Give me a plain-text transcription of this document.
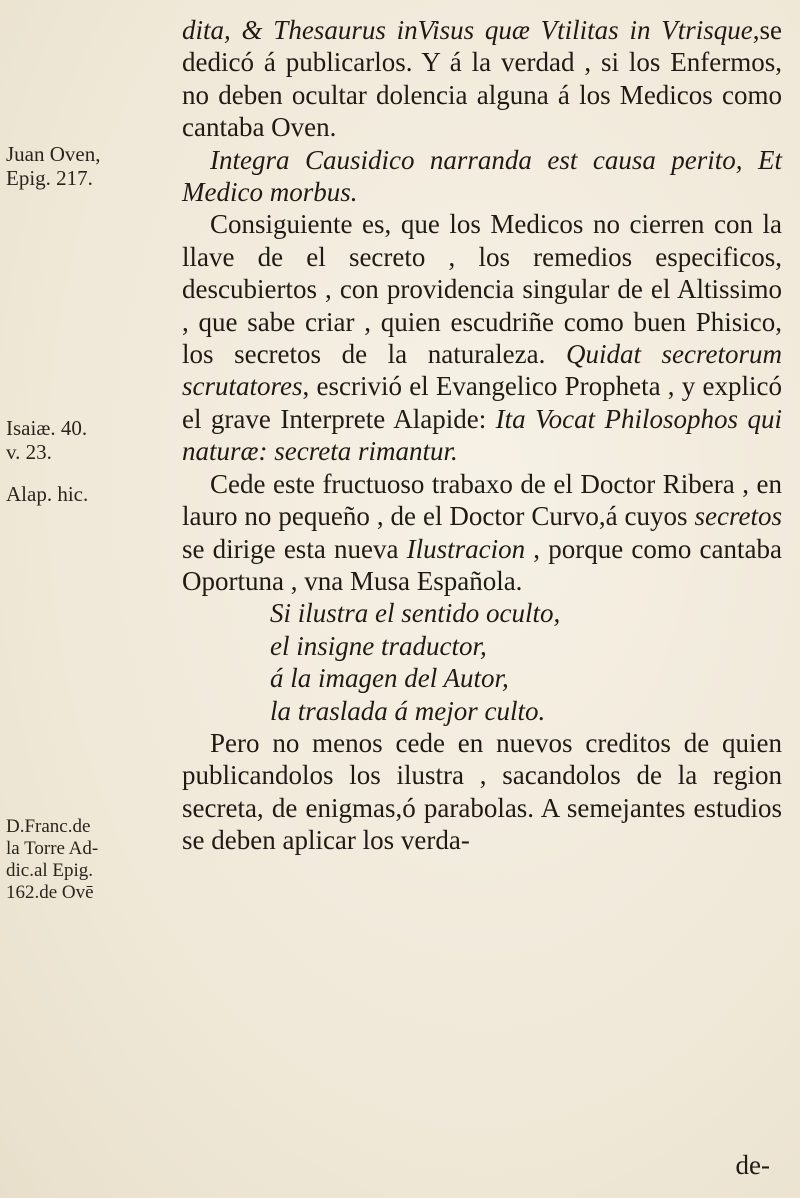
Juan Oven,
Epig. 217.
Isaiæ. 40.
v. 23.
Alap. hic.
D.Franc.de
la Torre Ad-
dic.al Epig.
162.de Ovē

dita, & Thesaurus inVisus quæ Vtilitas in Vtrisque,se dedicó á publicarlos. Y á la verdad , si los Enfermos, no deben ocultar dolencia alguna á los Medicos como cantaba Oven.

Integra Causidico narranda est causa perito, Et Medico morbus.

Consiguiente es, que los Medicos no cierren con la llave de el secreto , los remedios especificos, descubiertos , con providencia singular de el Altissimo , que sabe criar , quien escudriñe como buen Phisico, los secretos de la naturaleza. Quidat secretorum scrutatores, escrivió el Evangelico Propheta , y explicó el grave Interprete Alapide: Ita Vocat Philosophos qui naturæ: secreta rimantur.

Cede este fructuoso trabaxo de el Doctor Ribera , en lauro no pequeño , de el Doctor Curvo,á cuyos secretos se dirige esta nueva Ilustracion , porque como cantaba Oportuna , vna Musa Española.

Si ilustra el sentido oculto,
el insigne traductor,
á la imagen del Autor,
la traslada á mejor culto.

Pero no menos cede en nuevos creditos de quien publicandolos los ilustra , sacandolos de la region secreta, de enigmas,ó parabolas. A semejantes estudios se deben aplicar los verda-

de-
